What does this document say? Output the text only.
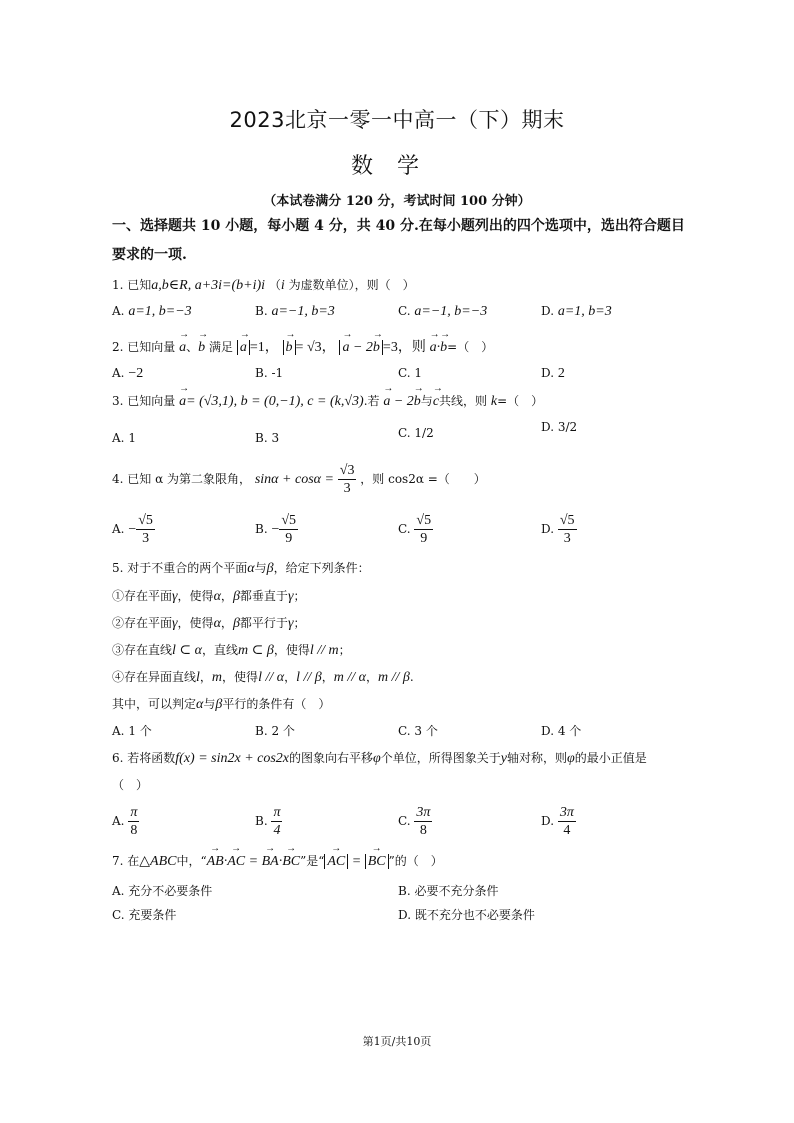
2023北京一零一中高一（下）期末
数学
（本试卷满分 120 分，考试时间 100 分钟）
一、选择题共 10 小题，每小题 4 分，共 40 分.在每小题列出的四个选项中，选出符合题目要求的一项.
1. 已知a,b∈R, a+3i=(b+i)i （i 为虚数单位），则（　）
A. a=1, b=−3	B. a=−1, b=3	C. a=−1, b=−3	D. a=1, b=3
2. 已知向量 → a、→ b 满足 → a =1， → b = √3， → a − 2→ b =3，则 → a·→ b=（　）
A. −2	B. -1	C. 1	D. 2
3. 已知向量 → a= (√3,1), b = (0,−1), c = (k,√3).若 → a − 2→ b与→ c共线，则 k=（　）
A. 1	B. 3	C. 1/2	D. 3/2
4. 已知 α 为第二象限角， $\sin\alpha + \cos\alpha = \frac{√3}{3}$ ，则 cos2α =（　　）
A. − $\frac{√5}{3}$	B. − $\frac{√5}{9}$	C. $\frac{√5}{9}$	D. $\frac{√5}{3}$
5. 对于不重合的两个平面α与β，给定下列条件：
①存在平面γ，使得α，β都垂直于γ；
②存在平面γ，使得α，β都平行于γ；
③存在直线l ⊂ α，直线m ⊂ β，使得l // m；
④存在异面直线l，m，使得l // α，l // β，m // α，m // β.
其中，可以判定α与β平行的条件有（　）
A. 1 个	B. 2 个	C. 3 个	D. 4 个
6. 若将函数f(x) = sin2x + cos2x的图象向右平移φ个单位，所得图象关于y轴对称，则φ的最小正值是
（　）
A. $\frac{\pi}{8}$	B. $\frac{\pi}{4}$	C. $\frac{3\pi}{8}$	D. $\frac{3\pi}{4}$
7. 在△ABC中，“→ AB·→ AC = → BA·→ BC”是“ → AC = → BC ”的（　）
A. 充分不必要条件	B. 必要不充分条件
C. 充要条件	D. 既不充分也不必要条件
第1页/共10页
